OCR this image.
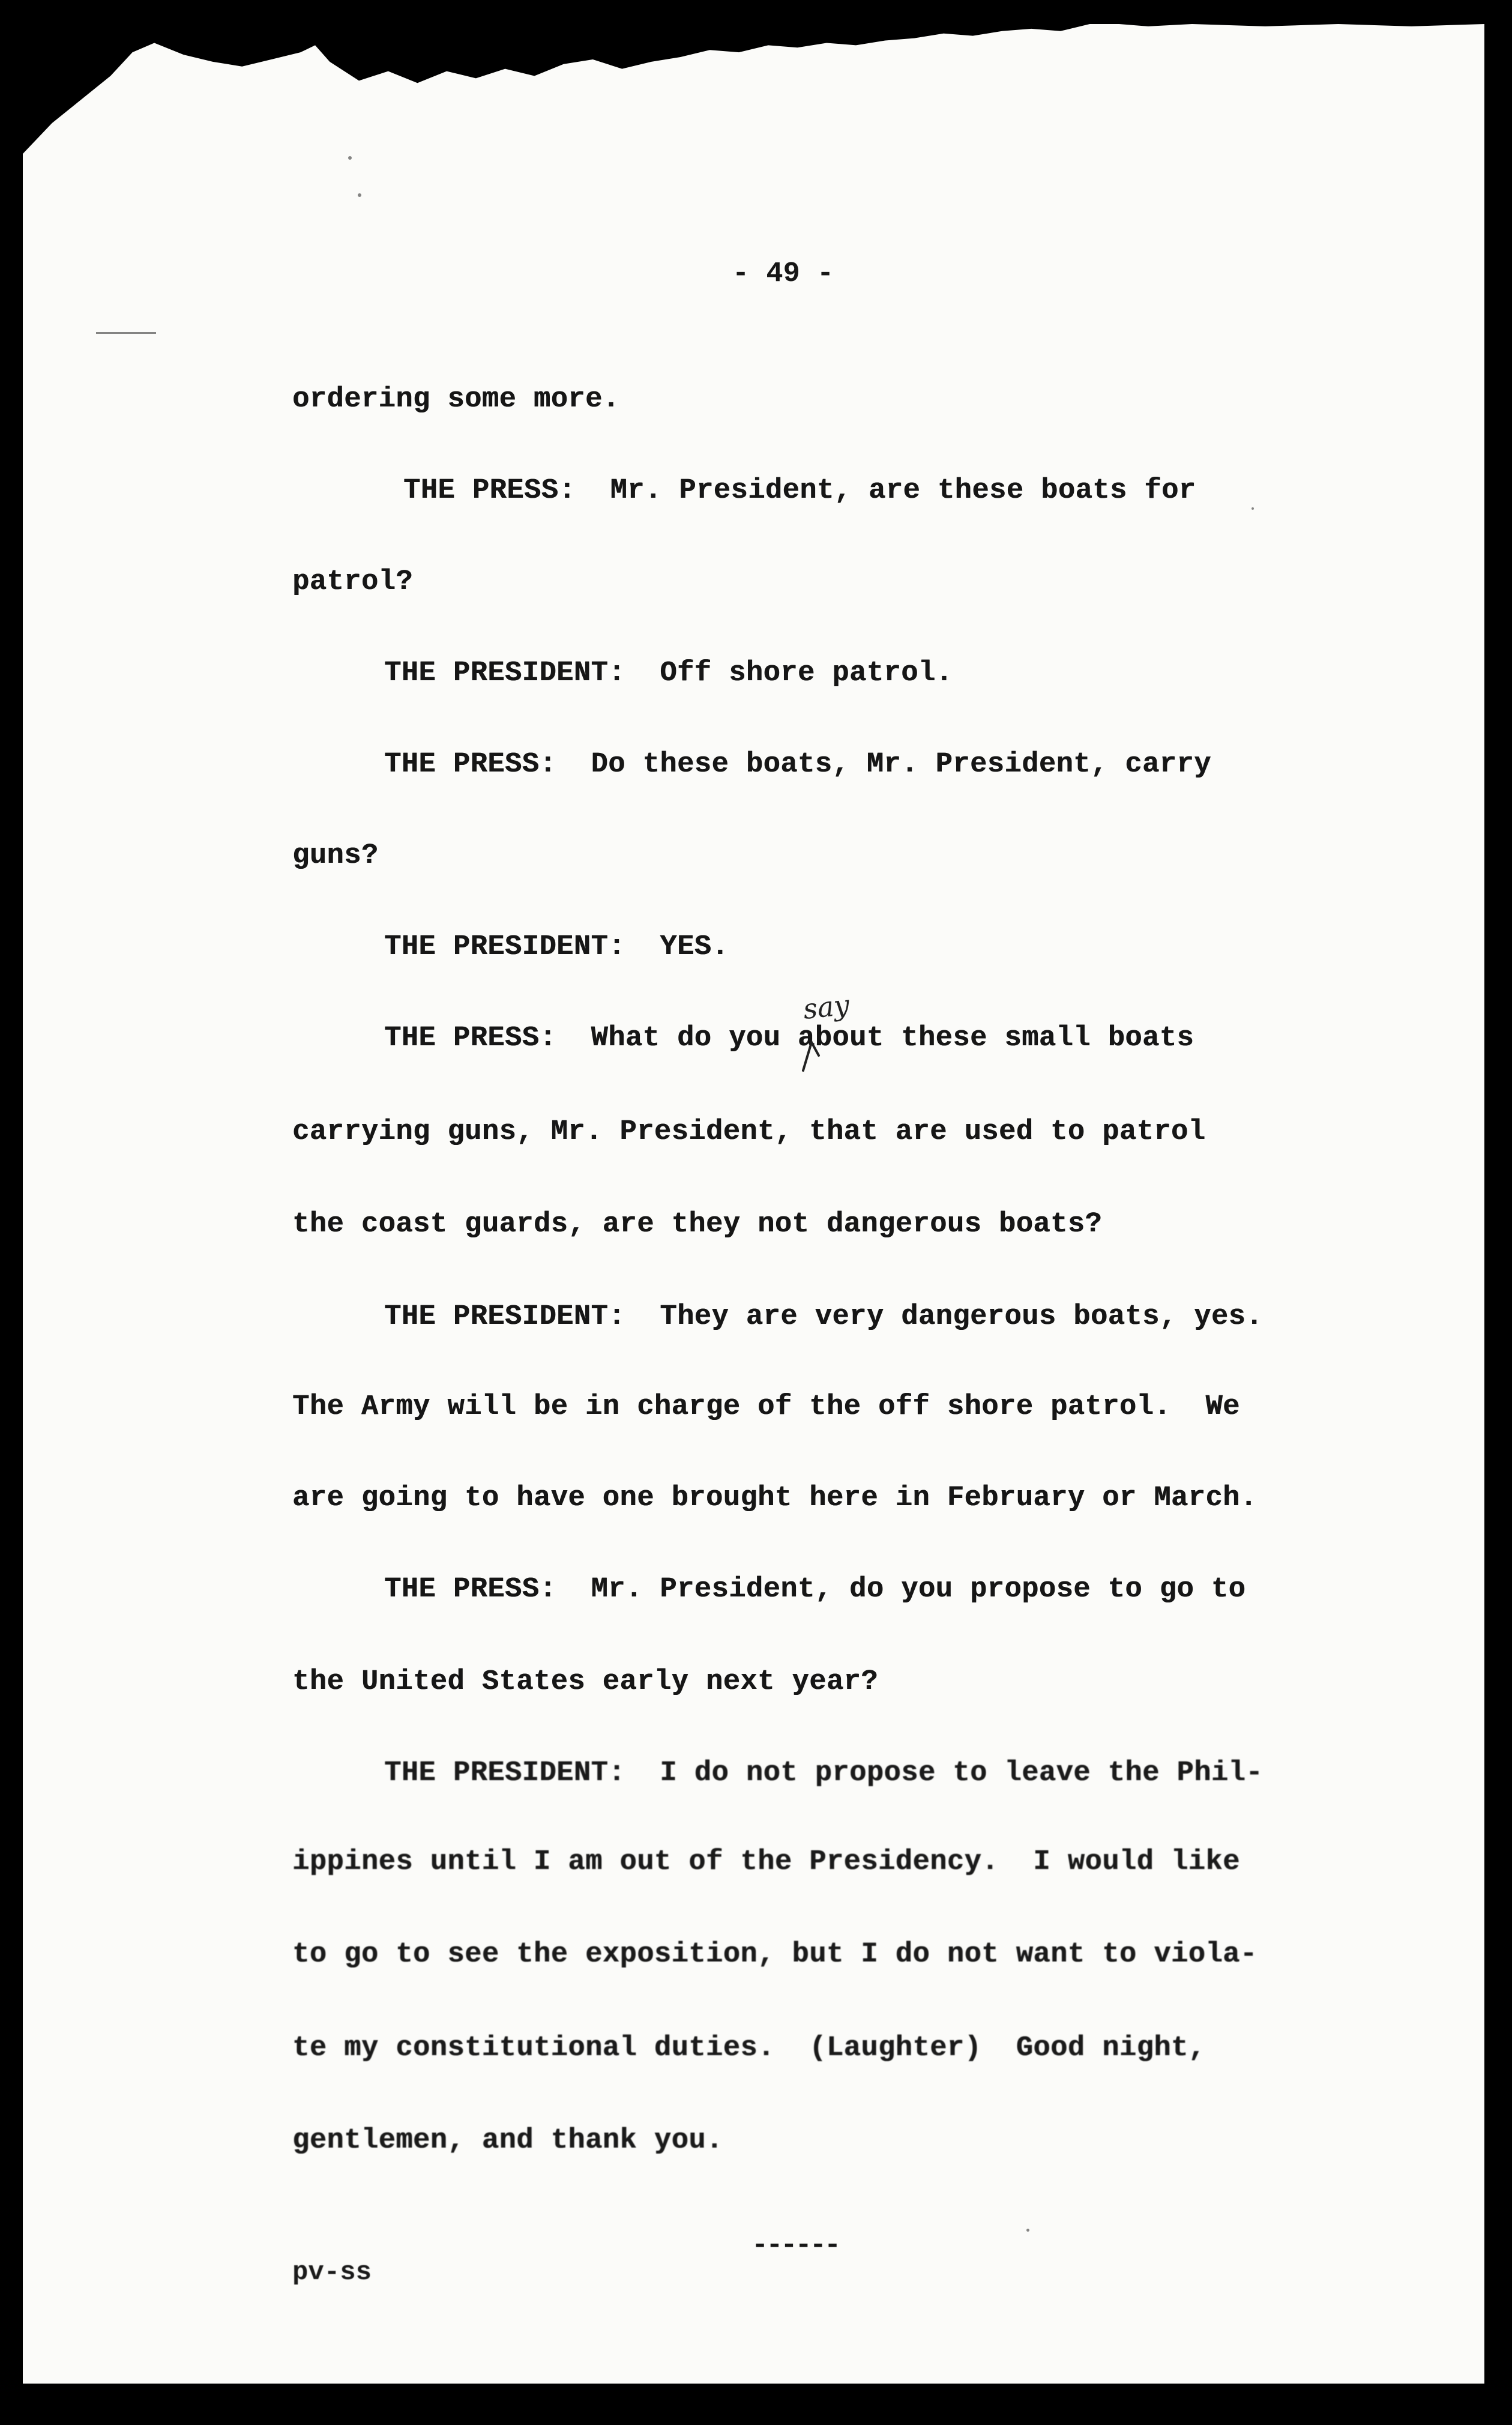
- 49 -
ordering some more.
THE PRESS:  Mr. President, are these boats for
patrol?
THE PRESIDENT:  Off shore patrol.
THE PRESS:  Do these boats, Mr. President, carry
guns?
THE PRESIDENT:  YES.
THE PRESS:  What do you about these small boats
carrying guns, Mr. President, that are used to patrol
the coast guards, are they not dangerous boats?
THE PRESIDENT:  They are very dangerous boats, yes.
The Army will be in charge of the off shore patrol.  We
are going to have one brought here in February or March.
THE PRESS:  Mr. President, do you propose to go to
the United States early next year?
THE PRESIDENT:  I do not propose to leave the Phil-
ippines until I am out of the Presidency.  I would like
to go to see the exposition, but I do not want to viola-
te my constitutional duties.  (Laughter)  Good night,
gentlemen, and thank you.
say
------
pv-ss
